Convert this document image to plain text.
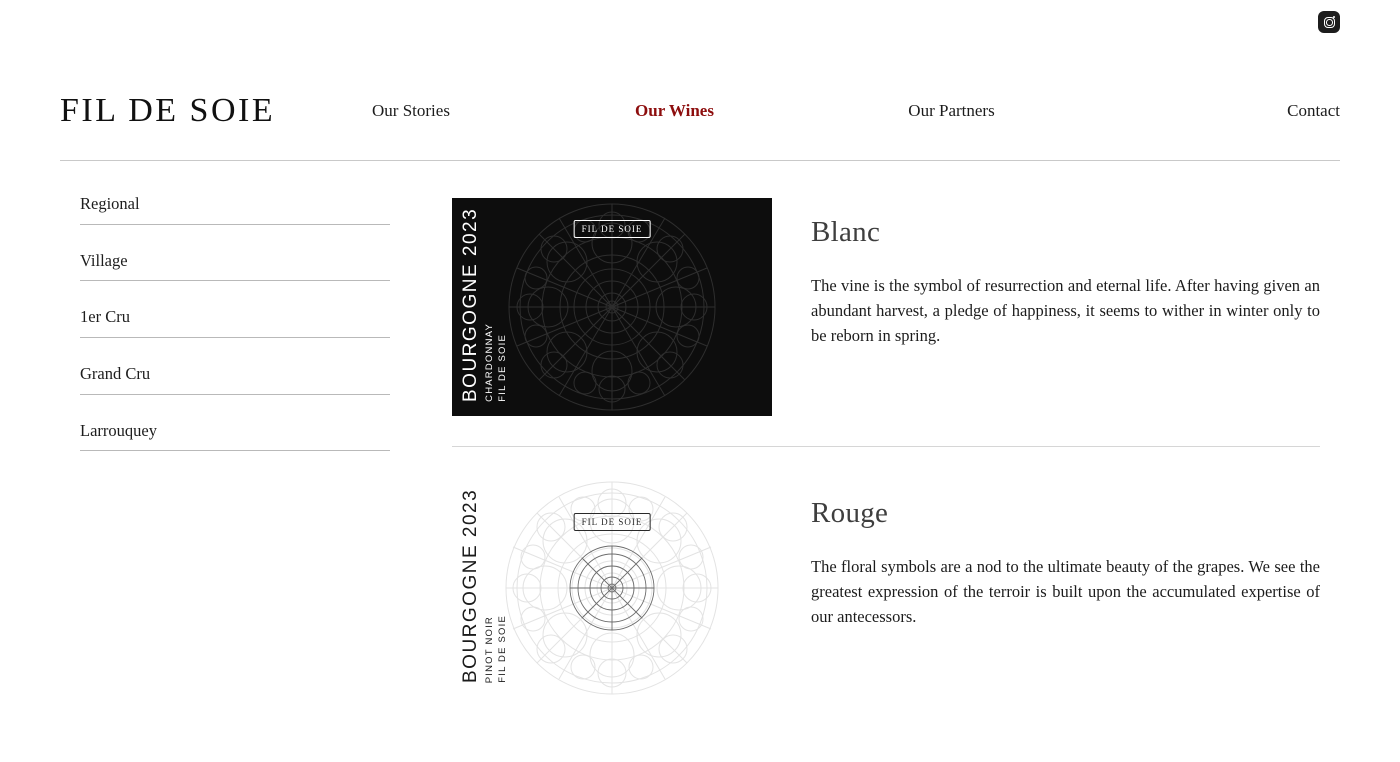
FIL DE SOIE	Our Stories	Our Wines	Our Partners	Contact
Regional
Village
1er Cru
Grand Cru
Larrouquey
FIL DE SOIE
BOURGOGNE 2023 CHARDONNAY FIL DE SOIE
Blanc

The vine is the symbol of resurrection and eternal life. After having given an abundant harvest, a pledge of happiness, it seems to wither in winter only to be reborn in spring.

FIL DE SOIE
BOURGOGNE 2023 PINOT NOIR FIL DE SOIE
Rouge

The floral symbols are a nod to the ultimate beauty of the grapes. We see the greatest expression of the terroir is built upon the accumulated expertise of our antecessors.
